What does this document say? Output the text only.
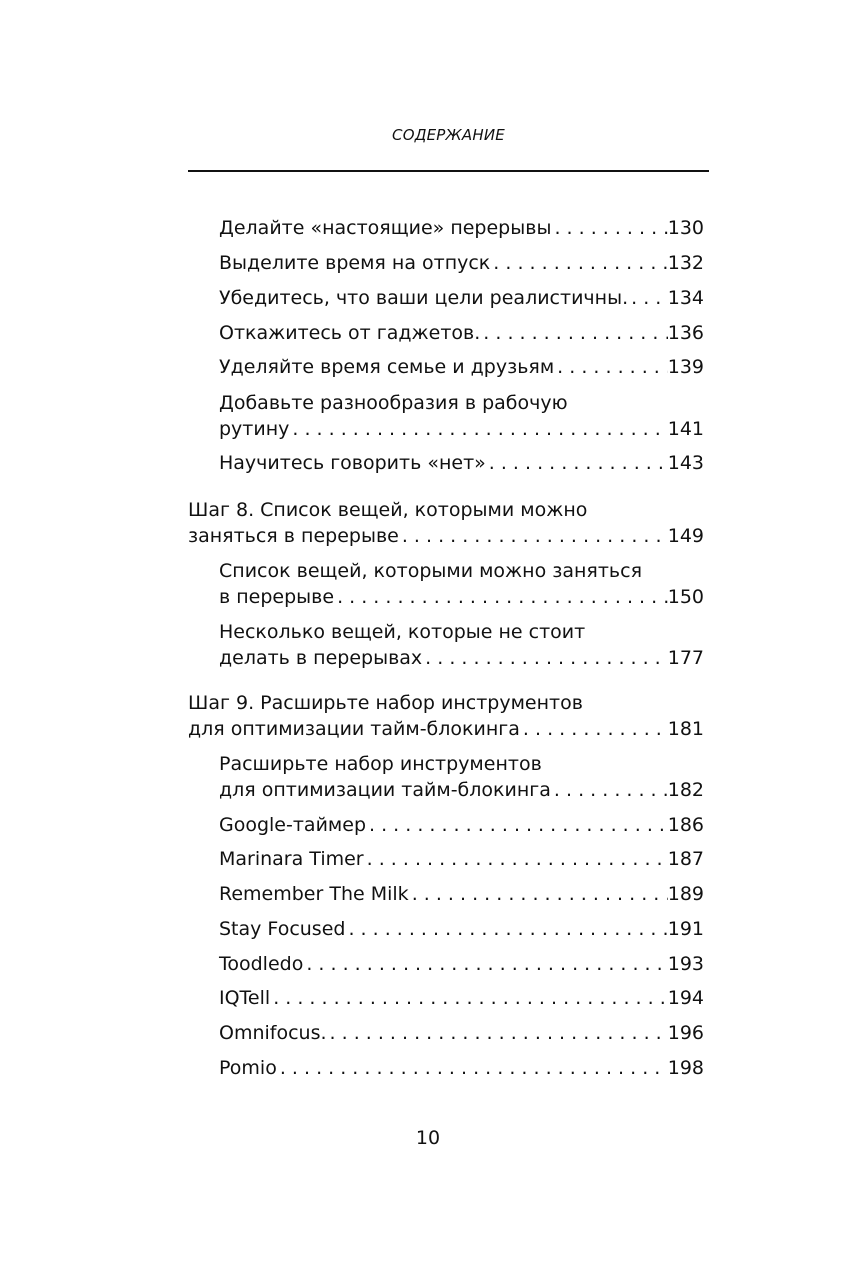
СОДЕРЖАНИЕ
Делайте «настоящие» перерывы . . .	130
Выделите время на отпуск . . .	132
Убедитесь, что ваши цели реалистичны. . . . 134
Откажитесь от гаджетов. . . .	136
Уделяйте время семье и друзьям . . .	139
Добавьте разнообразия в рабочую
рутину . . .	141
Научитесь говорить «нет» . . .	143
Шаг 8. Список вещей, которыми можно
заняться в перерыве . . .	149
Список вещей, которыми можно заняться
в перерыве . . .	150
Несколько вещей, которые не стоит
делать в перерывах . . .	177
Шаг 9. Расширьте набор инструментов
для оптимизации тайм-блокинга . . .	181
Расширьте набор инструментов
для оптимизации тайм-блокинга . . .	182
Google-таймер . . .	186
Marinara Timer . . .	187
Remember The Milk . . .	189
Stay Focused . . .	191
Toodledo . . .	193
IQTell . . .	194
Omnifocus. . . .	196
Pomio . . .	198
10
